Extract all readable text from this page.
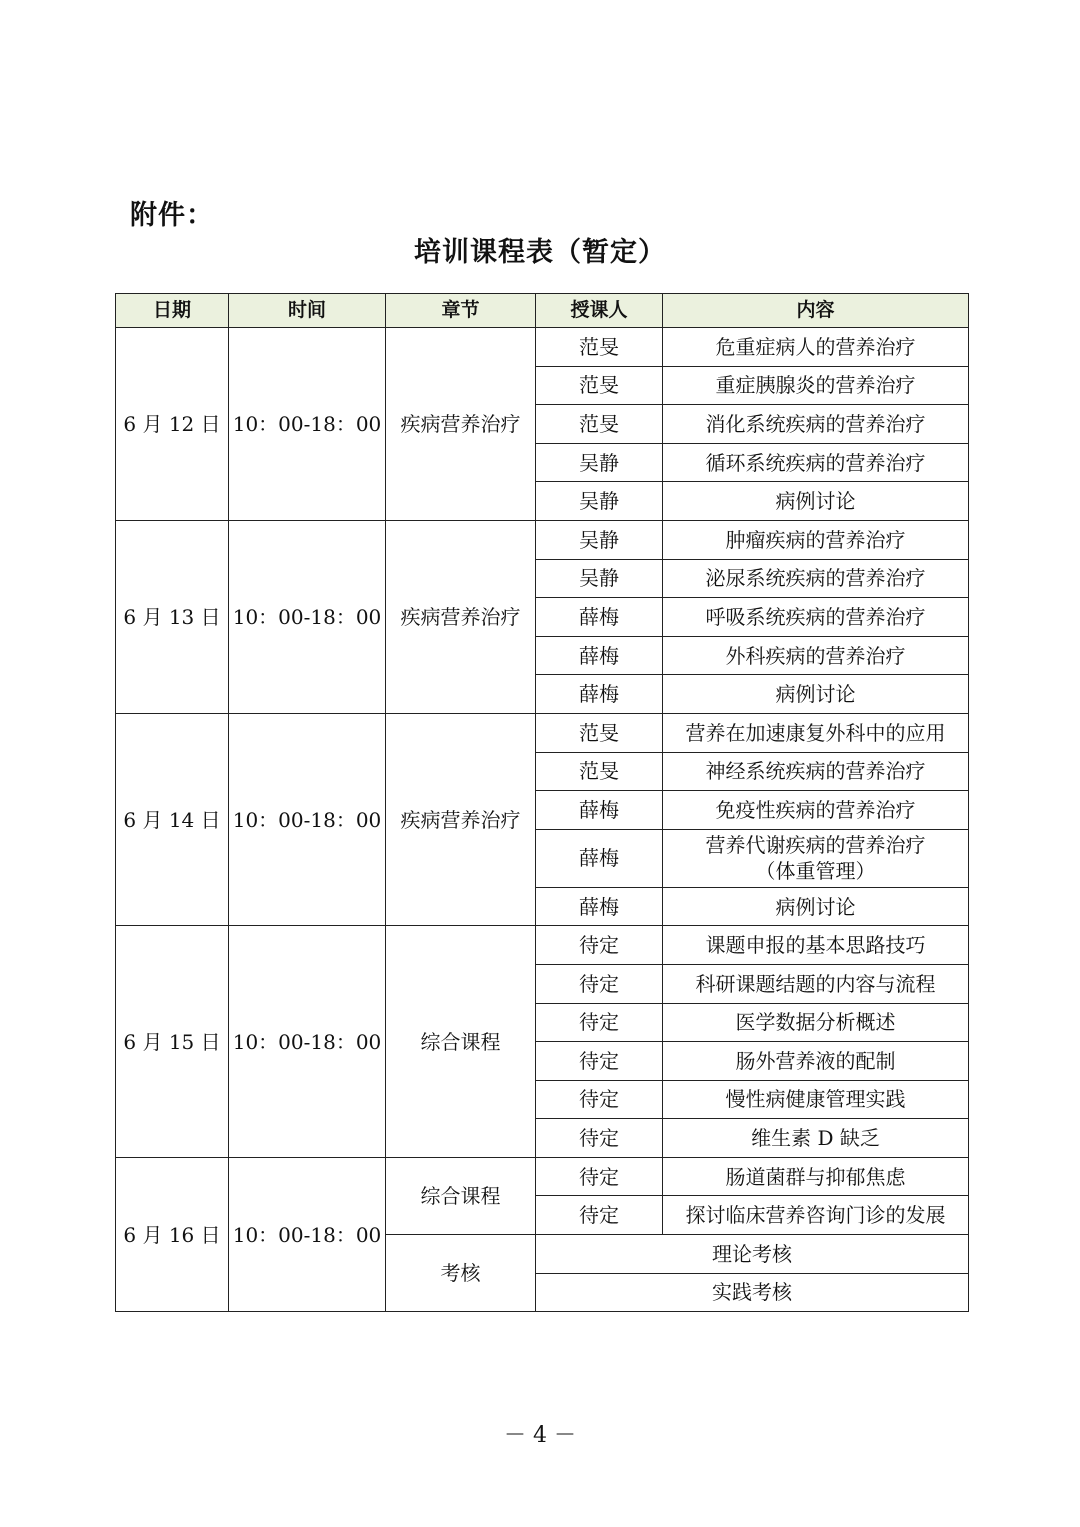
附件：
培训课程表（暂定）
日期	时间	章节	授课人	内容
6 月 12 日	10：00-18：00	疾病营养治疗	范旻	危重症病人的营养治疗
			范旻	重症胰腺炎的营养治疗
			范旻	消化系统疾病的营养治疗
			吴静	循环系统疾病的营养治疗
			吴静	病例讨论
6 月 13 日	10：00-18：00	疾病营养治疗	吴静	肿瘤疾病的营养治疗
			吴静	泌尿系统疾病的营养治疗
			薛梅	呼吸系统疾病的营养治疗
			薛梅	外科疾病的营养治疗
			薛梅	病例讨论
6 月 14 日	10：00-18：00	疾病营养治疗	范旻	营养在加速康复外科中的应用
			范旻	神经系统疾病的营养治疗
			薛梅	免疫性疾病的营养治疗
			薛梅	营养代谢疾病的营养治疗
（体重管理）

			薛梅	病例讨论
6 月 15 日	10：00-18：00	综合课程	待定	课题申报的基本思路技巧
			待定	科研课题结题的内容与流程
			待定	医学数据分析概述
			待定	肠外营养液的配制
			待定	慢性病健康管理实践
			待定	维生素 D 缺乏
6 月 16 日	10：00-18：00	综合课程	待定	肠道菌群与抑郁焦虑
			待定	探讨临床营养咨询门诊的发展
		考核	理论考核	
			实践考核	
－ 4 －
